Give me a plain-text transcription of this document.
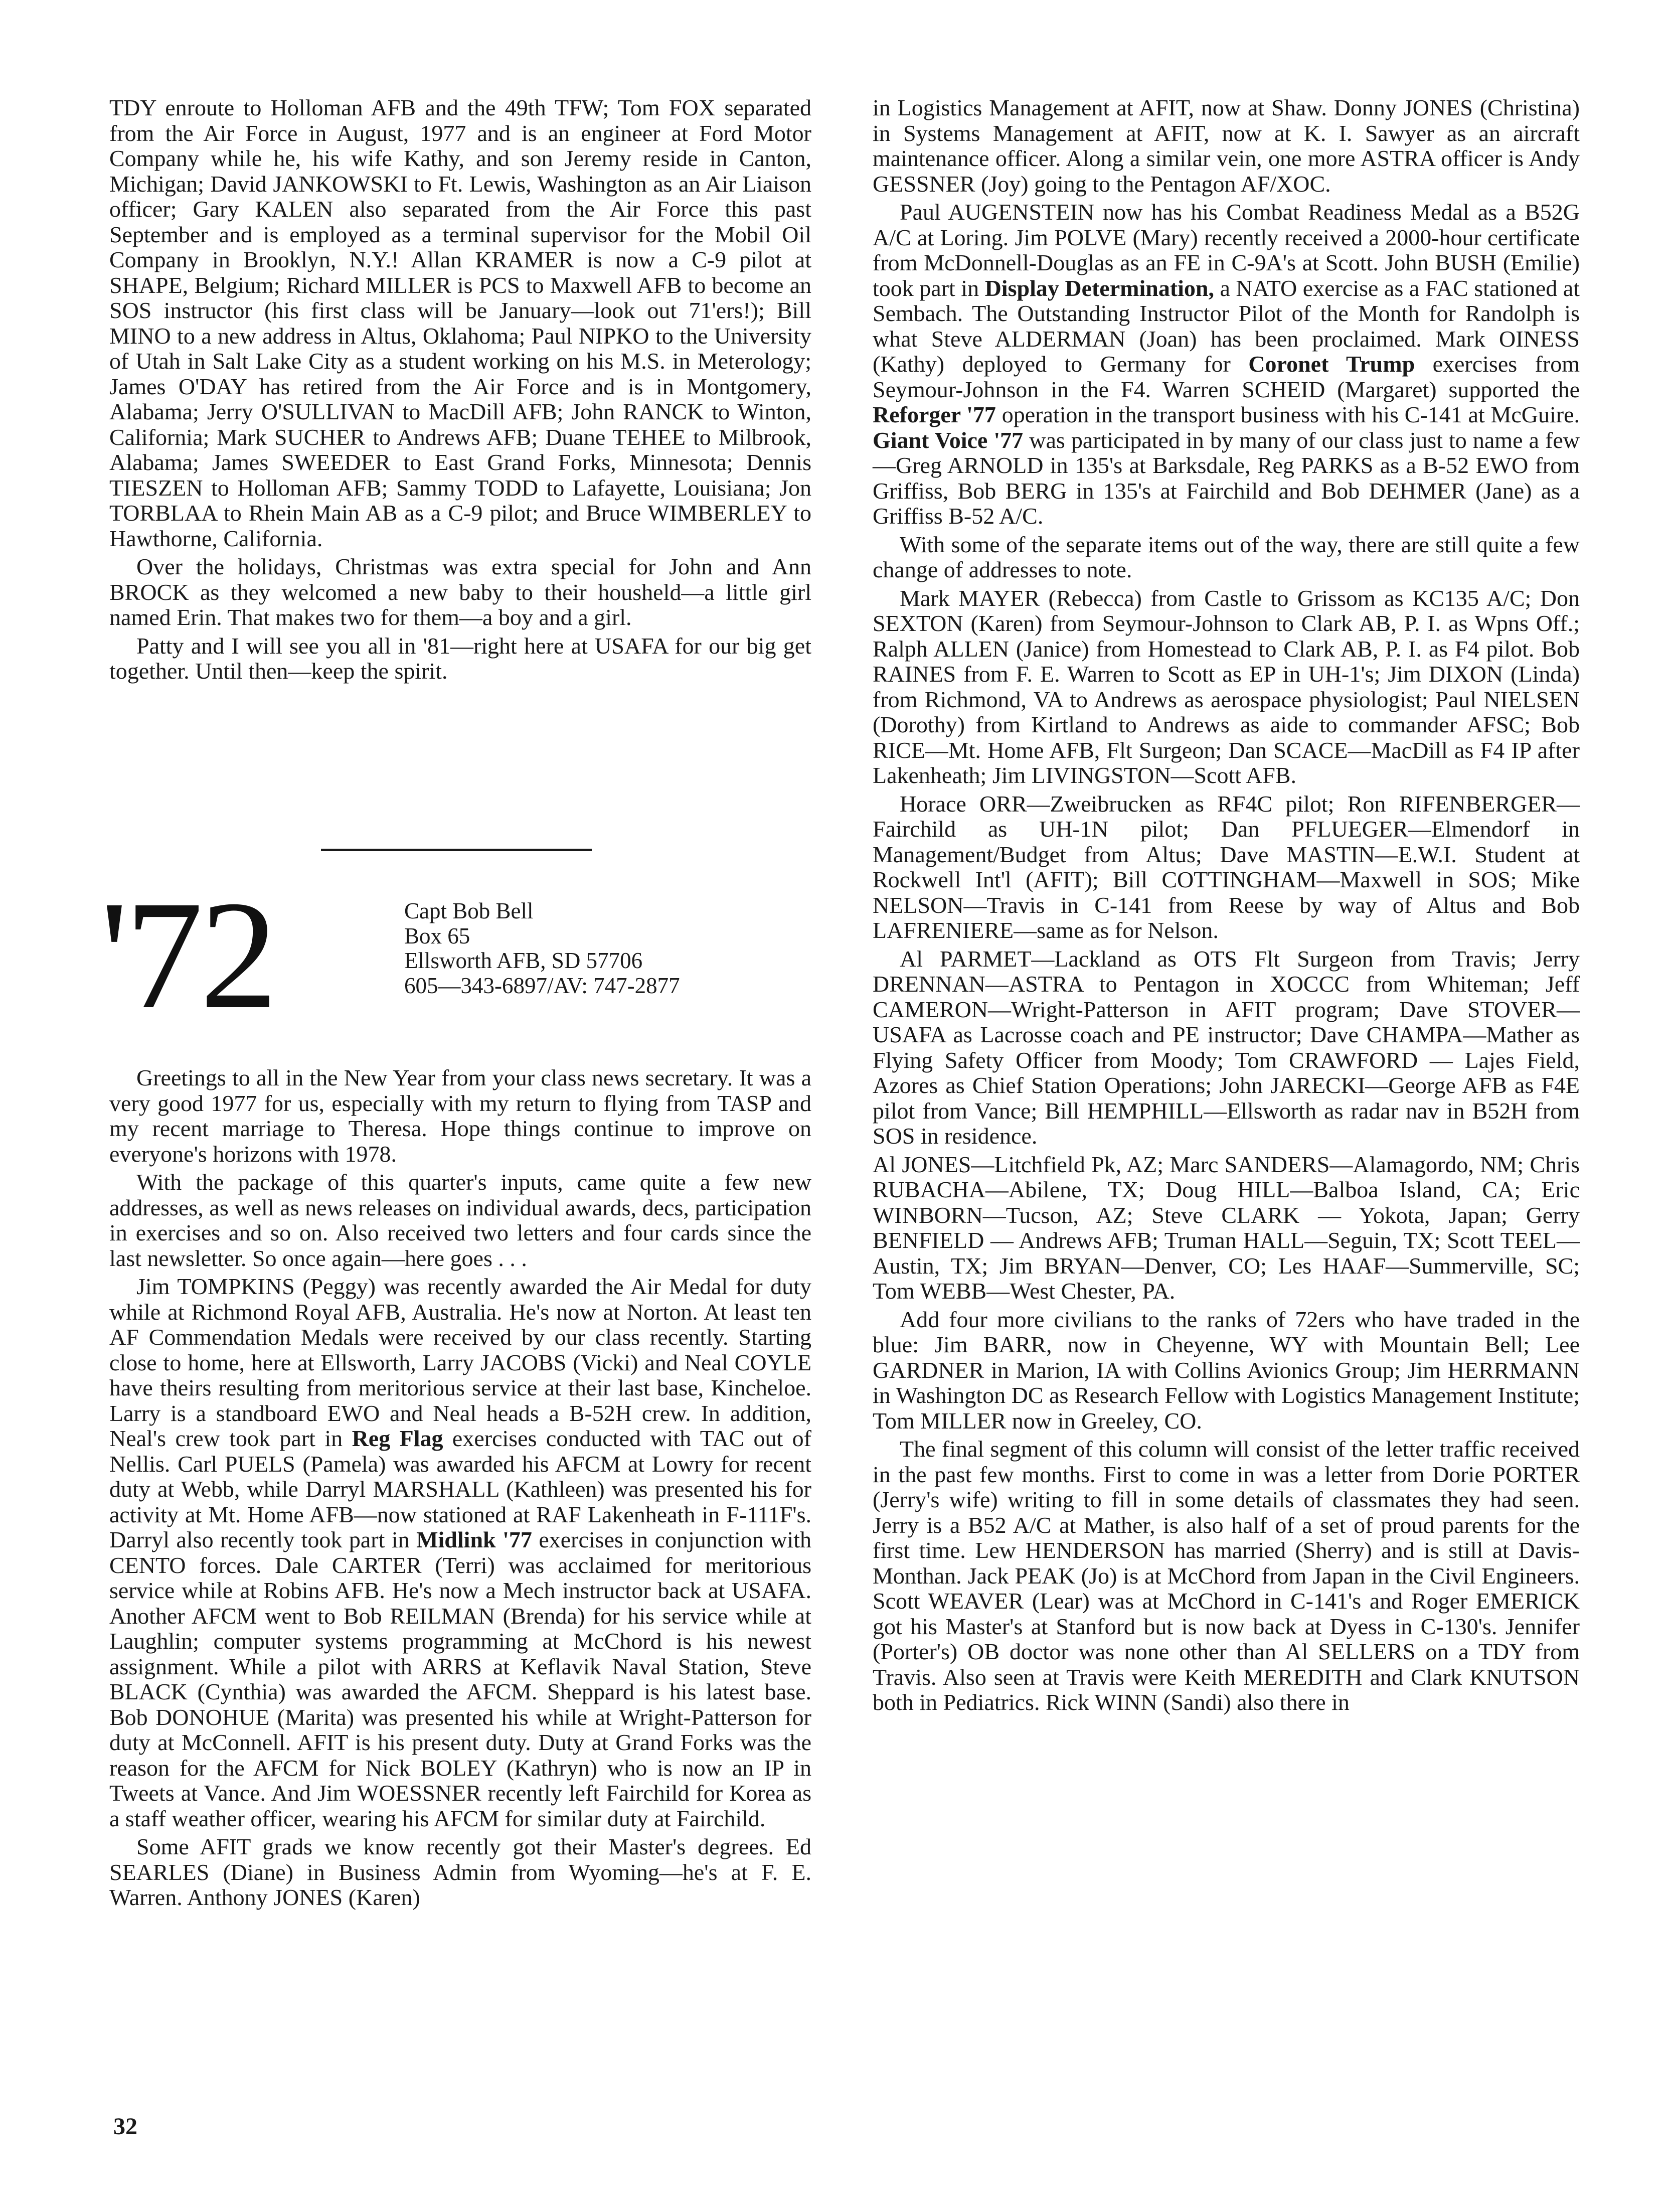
TDY enroute to Holloman AFB and the 49th TFW; Tom FOX separated from the Air Force in August, 1977 and is an engineer at Ford Motor Company while he, his wife Kathy, and son Jeremy reside in Canton, Michigan; David JANKOWSKI to Ft. Lewis, Washington as an Air Liaison officer; Gary KALEN also separated from the Air Force this past September and is employed as a terminal supervisor for the Mobil Oil Company in Brooklyn, N.Y.! Allan KRAMER is now a C-9 pilot at SHAPE, Belgium; Richard MILLER is PCS to Maxwell AFB to become an SOS instructor (his first class will be January—look out 71'ers!); Bill MINO to a new address in Altus, Oklahoma; Paul NIPKO to the University of Utah in Salt Lake City as a student working on his M.S. in Meterology; James O'DAY has retired from the Air Force and is in Montgomery, Alabama; Jerry O'SULLIVAN to MacDill AFB; John RANCK to Winton, California; Mark SUCHER to Andrews AFB; Duane TEHEE to Milbrook, Alabama; James SWEEDER to East Grand Forks, Minnesota; Dennis TIESZEN to Holloman AFB; Sammy TODD to Lafayette, Louisiana; Jon TORBLAA to Rhein Main AB as a C-9 pilot; and Bruce WIMBERLEY to Hawthorne, California.

Over the holidays, Christmas was extra special for John and Ann BROCK as they welcomed a new baby to their housheld—a little girl named Erin. That makes two for them—a boy and a girl.

Patty and I will see you all in '81—right here at USAFA for our big get together. Until then—keep the spirit.

'72	Capt Bob Bell
Box 65
Ellsworth AFB, SD 57706
605—343-6897/AV: 747-2877

Greetings to all in the New Year from your class news secretary. It was a very good 1977 for us, especially with my return to flying from TASP and my recent marriage to Theresa. Hope things continue to improve on everyone's horizons with 1978.

With the package of this quarter's inputs, came quite a few new addresses, as well as news releases on individual awards, decs, participation in exercises and so on. Also received two letters and four cards since the last newsletter. So once again—here goes . . .

Jim TOMPKINS (Peggy) was recently awarded the Air Medal for duty while at Richmond Royal AFB, Australia. He's now at Norton. At least ten AF Commendation Medals were received by our class recently. Starting close to home, here at Ellsworth, Larry JACOBS (Vicki) and Neal COYLE have theirs resulting from meritorious service at their last base, Kincheloe. Larry is a standboard EWO and Neal heads a B-52H crew. In addition, Neal's crew took part in Reg Flag exercises conducted with TAC out of Nellis. Carl PUELS (Pamela) was awarded his AFCM at Lowry for recent duty at Webb, while Darryl MARSHALL (Kathleen) was presented his for activity at Mt. Home AFB—now stationed at RAF Lakenheath in F-111F's. Darryl also recently took part in Midlink '77 exercises in conjunction with CENTO forces. Dale CARTER (Terri) was acclaimed for meritorious service while at Robins AFB. He's now a Mech instructor back at USAFA. Another AFCM went to Bob REILMAN (Brenda) for his service while at Laughlin; computer systems programming at McChord is his newest assignment. While a pilot with ARRS at Keflavik Naval Station, Steve BLACK (Cynthia) was awarded the AFCM. Sheppard is his latest base. Bob DONOHUE (Marita) was presented his while at Wright-Patterson for duty at McConnell. AFIT is his present duty. Duty at Grand Forks was the reason for the AFCM for Nick BOLEY (Kathryn) who is now an IP in Tweets at Vance. And Jim WOESSNER recently left Fairchild for Korea as a staff weather officer, wearing his AFCM for similar duty at Fairchild.

Some AFIT grads we know recently got their Master's degrees. Ed SEARLES (Diane) in Business Admin from Wyoming—he's at F. E. Warren. Anthony JONES (Karen)

in Logistics Management at AFIT, now at Shaw. Donny JONES (Christina) in Systems Management at AFIT, now at K. I. Sawyer as an aircraft maintenance officer. Along a similar vein, one more ASTRA officer is Andy GESSNER (Joy) going to the Pentagon AF/XOC.

Paul AUGENSTEIN now has his Combat Readiness Medal as a B52G A/C at Loring. Jim POLVE (Mary) recently received a 2000-hour certificate from McDonnell-Douglas as an FE in C-9A's at Scott. John BUSH (Emilie) took part in Display Determination, a NATO exercise as a FAC stationed at Sembach. The Outstanding Instructor Pilot of the Month for Randolph is what Steve ALDERMAN (Joan) has been proclaimed. Mark OINESS (Kathy) deployed to Germany for Coronet Trump exercises from Seymour-Johnson in the F4. Warren SCHEID (Margaret) supported the Reforger '77 operation in the transport business with his C-141 at McGuire. Giant Voice '77 was participated in by many of our class just to name a few—Greg ARNOLD in 135's at Barksdale, Reg PARKS as a B-52 EWO from Griffiss, Bob BERG in 135's at Fairchild and Bob DEHMER (Jane) as a Griffiss B-52 A/C.

With some of the separate items out of the way, there are still quite a few change of addresses to note.

Mark MAYER (Rebecca) from Castle to Grissom as KC135 A/C; Don SEXTON (Karen) from Seymour-Johnson to Clark AB, P. I. as Wpns Off.; Ralph ALLEN (Janice) from Homestead to Clark AB, P. I. as F4 pilot. Bob RAINES from F. E. Warren to Scott as EP in UH-1's; Jim DIXON (Linda) from Richmond, VA to Andrews as aerospace physiologist; Paul NIELSEN (Dorothy) from Kirtland to Andrews as aide to commander AFSC; Bob RICE—Mt. Home AFB, Flt Surgeon; Dan SCACE—MacDill as F4 IP after Lakenheath; Jim LIVINGSTON—Scott AFB.

Horace ORR—Zweibrucken as RF4C pilot; Ron RIFENBERGER—Fairchild as UH-1N pilot; Dan PFLUEGER—Elmendorf in Management/Budget from Altus; Dave MASTIN—E.W.I. Student at Rockwell Int'l (AFIT); Bill COTTINGHAM—Maxwell in SOS; Mike NELSON—Travis in C-141 from Reese by way of Altus and Bob LAFRENIERE—same as for Nelson.

Al PARMET—Lackland as OTS Flt Surgeon from Travis; Jerry DRENNAN—ASTRA to Pentagon in XOCCC from Whiteman; Jeff CAMERON—Wright-Patterson in AFIT program; Dave STOVER—USAFA as Lacrosse coach and PE instructor; Dave CHAMPA—Mather as Flying Safety Officer from Moody; Tom CRAWFORD — Lajes Field, Azores as Chief Station Operations; John JARECKI—George AFB as F4E pilot from Vance; Bill HEMPHILL—Ellsworth as radar nav in B52H from SOS in residence.

Al JONES—Litchfield Pk, AZ; Marc SANDERS—Alamagordo, NM; Chris RUBACHA—Abilene, TX; Doug HILL—Balboa Island, CA; Eric WINBORN—Tucson, AZ; Steve CLARK — Yokota, Japan; Gerry BENFIELD — Andrews AFB; Truman HALL—Seguin, TX; Scott TEEL—Austin, TX; Jim BRYAN—Denver, CO; Les HAAF—Summerville, SC; Tom WEBB—West Chester, PA.

Add four more civilians to the ranks of 72ers who have traded in the blue: Jim BARR, now in Cheyenne, WY with Mountain Bell; Lee GARDNER in Marion, IA with Collins Avionics Group; Jim HERRMANN in Washington DC as Research Fellow with Logistics Management Institute; Tom MILLER now in Greeley, CO.

The final segment of this column will consist of the letter traffic received in the past few months. First to come in was a letter from Dorie PORTER (Jerry's wife) writing to fill in some details of classmates they had seen. Jerry is a B52 A/C at Mather, is also half of a set of proud parents for the first time. Lew HENDERSON has married (Sherry) and is still at Davis-Monthan. Jack PEAK (Jo) is at McChord from Japan in the Civil Engineers. Scott WEAVER (Lear) was at McChord in C-141's and Roger EMERICK got his Master's at Stanford but is now back at Dyess in C-130's. Jennifer (Porter's) OB doctor was none other than Al SELLERS on a TDY from Travis. Also seen at Travis were Keith MEREDITH and Clark KNUTSON both in Pediatrics. Rick WINN (Sandi) also there in

32
